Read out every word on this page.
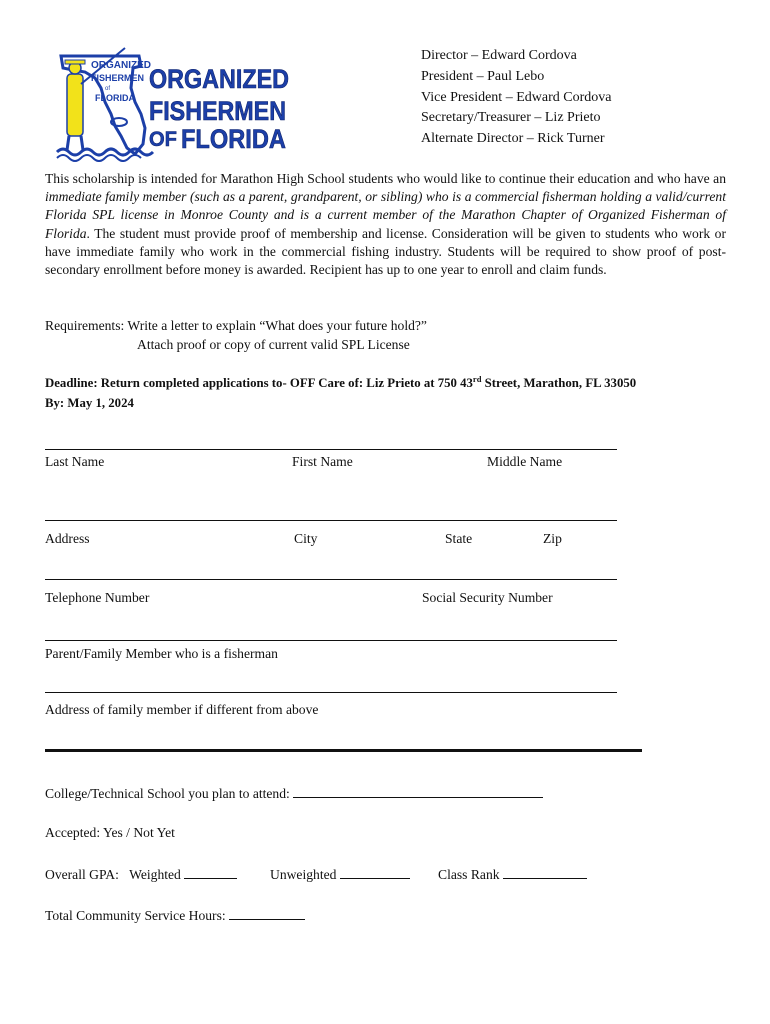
ORGANIZED
FISHERMEN
of
FLORIDA
ORGANIZED
FISHERMEN
OF FLORIDA
Director – Edward Cordova
President – Paul Lebo
Vice President – Edward Cordova
Secretary/Treasurer – Liz Prieto
Alternate Director – Rick Turner
This scholarship is intended for Marathon High School students who would like to continue their education and who have an immediate family member (such as a parent, grandparent, or sibling) who is a commercial fisherman holding a valid/current Florida SPL license in Monroe County and is a current member of the Marathon Chapter of Organized Fisherman of Florida. The student must provide proof of membership and license. Consideration will be given to students who work or have immediate family who work in the commercial fishing industry. Students will be required to show proof of post-secondary enrollment before money is awarded. Recipient has up to one year to enroll and claim funds.
Requirements: Write a letter to explain “What does your future hold?”
Attach proof or copy of current valid SPL License
Deadline: Return completed applications to- OFF Care of: Liz Prieto at 750 43rd Street, Marathon, FL 33050
By: May 1, 2024
Last Name	First Name	Middle Name
Address	City	State	Zip
Telephone Number	Social Security Number
Parent/Family Member who is a fisherman
Address of family member if different from above
College/Technical School you plan to attend:
Accepted: Yes / Not Yet
Overall GPA: Weighted	Unweighted	Class Rank
Total Community Service Hours:
